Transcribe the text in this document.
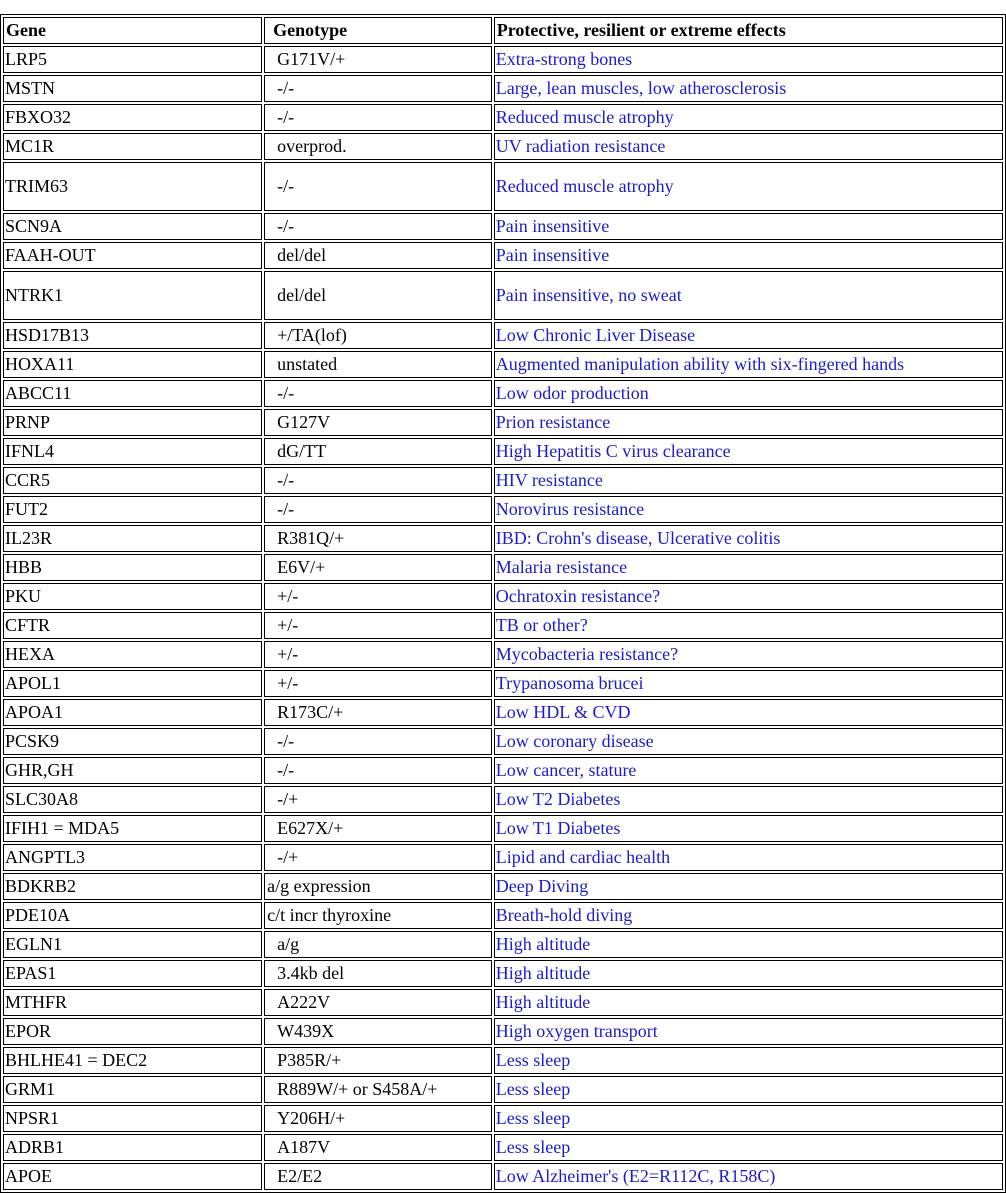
Gene	Genotype	Protective, resilient or extreme effects
LRP5	G171V/+	Extra-strong bones
MSTN	-/-	Large, lean muscles, low atherosclerosis
FBXO32	-/-	Reduced muscle atrophy
MC1R	overprod.	UV radiation resistance
TRIM63	-/-	Reduced muscle atrophy
SCN9A	-/-	Pain insensitive
FAAH-OUT	del/del	Pain insensitive
NTRK1	del/del	Pain insensitive, no sweat
HSD17B13	+/TA(lof)	Low Chronic Liver Disease
HOXA11	unstated	Augmented manipulation ability with six-fingered hands
ABCC11	-/-	Low odor production
PRNP	G127V	Prion resistance
IFNL4	dG/TT	High Hepatitis C virus clearance
CCR5	-/-	HIV resistance
FUT2	-/-	Norovirus resistance
IL23R	R381Q/+	IBD: Crohn's disease, Ulcerative colitis
HBB	E6V/+	Malaria resistance
PKU	+/-	Ochratoxin resistance?
CFTR	+/-	TB or other?
HEXA	+/-	Mycobacteria resistance?
APOL1	+/-	Trypanosoma brucei
APOA1	R173C/+	Low HDL & CVD
PCSK9	-/-	Low coronary disease
GHR,GH	-/-	Low cancer, stature
SLC30A8	-/+	Low T2 Diabetes
IFIH1 = MDA5	E627X/+	Low T1 Diabetes
ANGPTL3	-/+	Lipid and cardiac health
BDKRB2	a/g expression	Deep Diving
PDE10A	c/t incr thyroxine	Breath-hold diving
EGLN1	a/g	High altitude
EPAS1	3.4kb del	High altitude
MTHFR	A222V	High altitude
EPOR	W439X	High oxygen transport
BHLHE41 = DEC2	P385R/+	Less sleep
GRM1	R889W/+ or S458A/+	Less sleep
NPSR1	Y206H/+	Less sleep
ADRB1	A187V	Less sleep
APOE	E2/E2	Low Alzheimer's (E2=R112C, R158C)
